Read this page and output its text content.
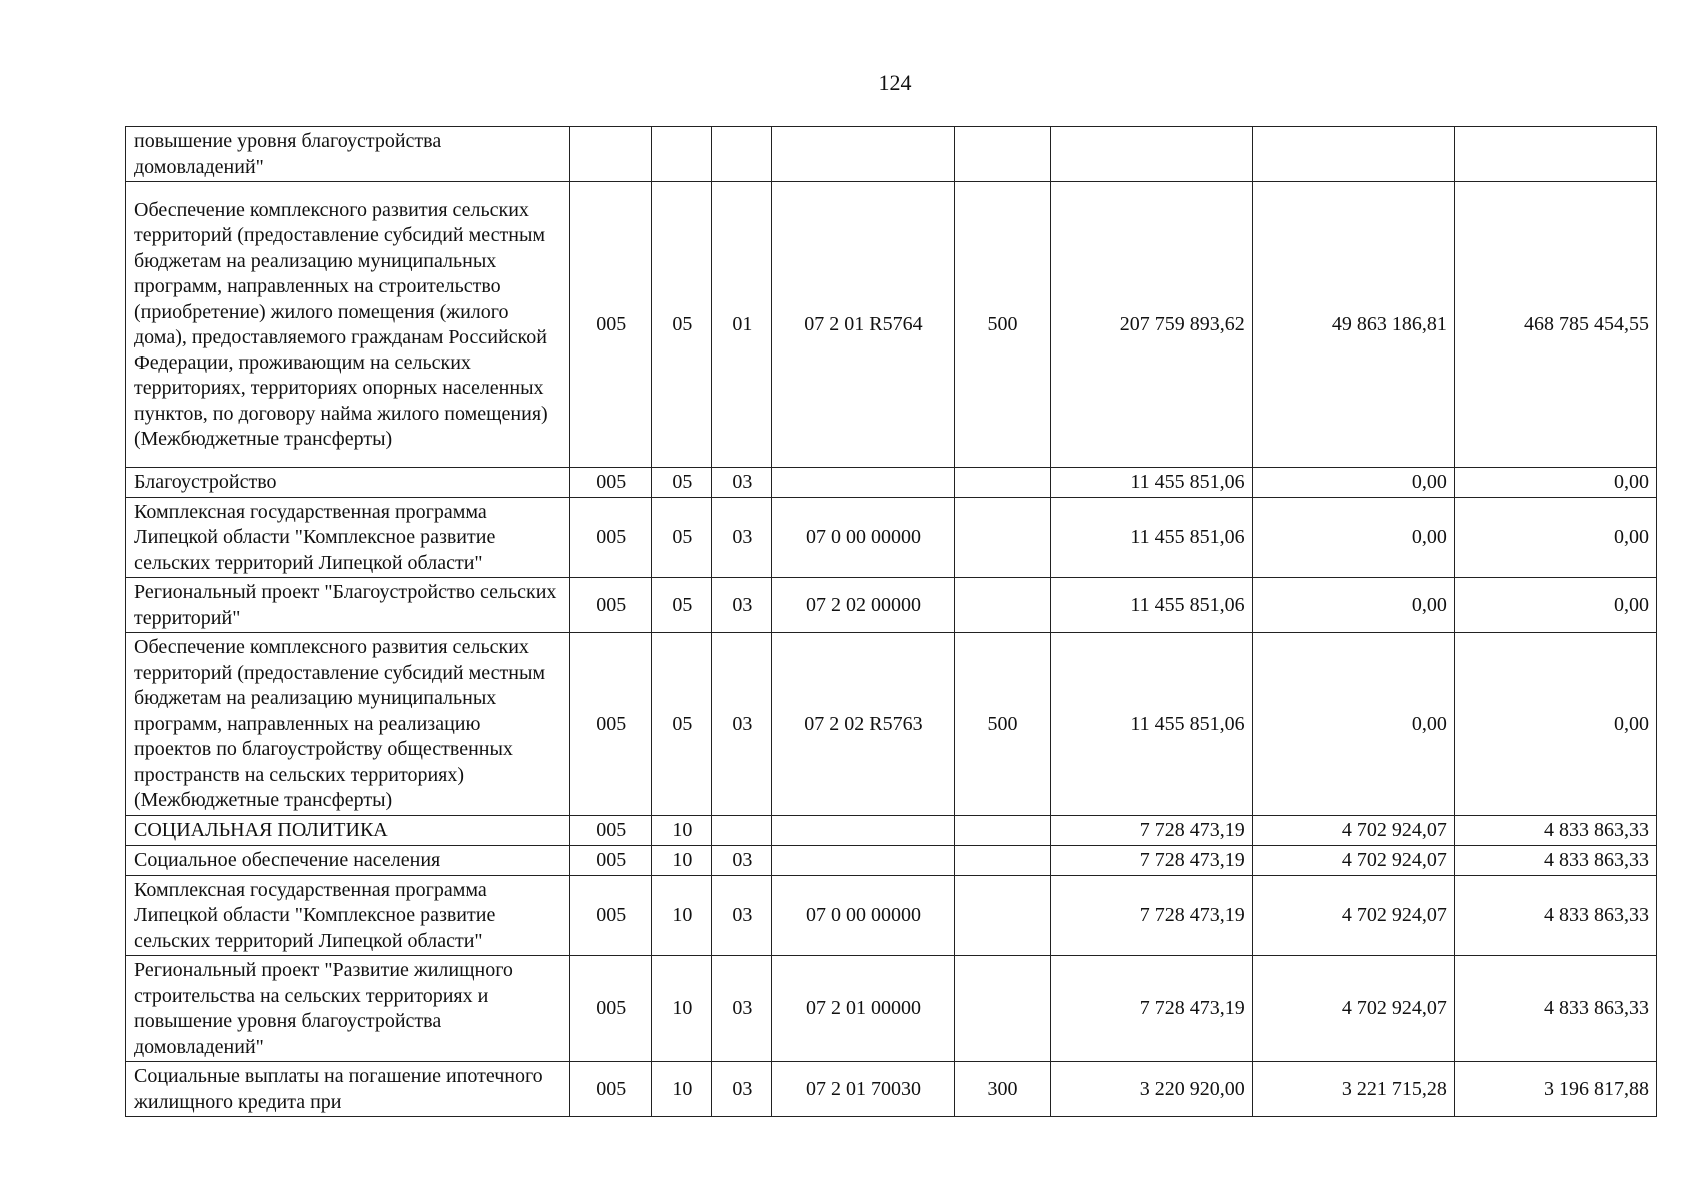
124
повышение уровня благоустройства домовладений"								
Обеспечение комплексного развития сельских территорий (предоставление субсидий местным бюджетам на реализацию муниципальных программ, направленных на строительство (приобретение) жилого помещения (жилого дома), предоставляемого гражданам Российской Федерации, проживающим на сельских территориях, территориях опорных населенных пунктов, по договору найма жилого помещения) (Межбюджетные трансферты)	005	05	01	07 2 01 R5764	500	207 759 893,62	49 863 186,81	468 785 454,55
Благоустройство	005	05	03			11 455 851,06	0,00	0,00
Комплексная государственная программа Липецкой области "Комплексное развитие сельских территорий Липецкой области"	005	05	03	07 0 00 00000		11 455 851,06	0,00	0,00
Региональный проект "Благоустройство сельских территорий"	005	05	03	07 2 02 00000		11 455 851,06	0,00	0,00
Обеспечение комплексного развития сельских территорий (предоставление субсидий местным бюджетам на реализацию муниципальных программ, направленных на реализацию проектов по благоустройству общественных пространств на сельских территориях) (Межбюджетные трансферты)	005	05	03	07 2 02 R5763	500	11 455 851,06	0,00	0,00
СОЦИАЛЬНАЯ ПОЛИТИКА	005	10				7 728 473,19	4 702 924,07	4 833 863,33
Социальное обеспечение населения	005	10	03			7 728 473,19	4 702 924,07	4 833 863,33
Комплексная государственная программа Липецкой области "Комплексное развитие сельских территорий Липецкой области"	005	10	03	07 0 00 00000		7 728 473,19	4 702 924,07	4 833 863,33
Региональный проект "Развитие жилищного строительства на сельских территориях и повышение уровня благоустройства домовладений"	005	10	03	07 2 01 00000		7 728 473,19	4 702 924,07	4 833 863,33
Социальные выплаты на погашение ипотечного жилищного кредита при	005	10	03	07 2 01 70030	300	3 220 920,00	3 221 715,28	3 196 817,88
